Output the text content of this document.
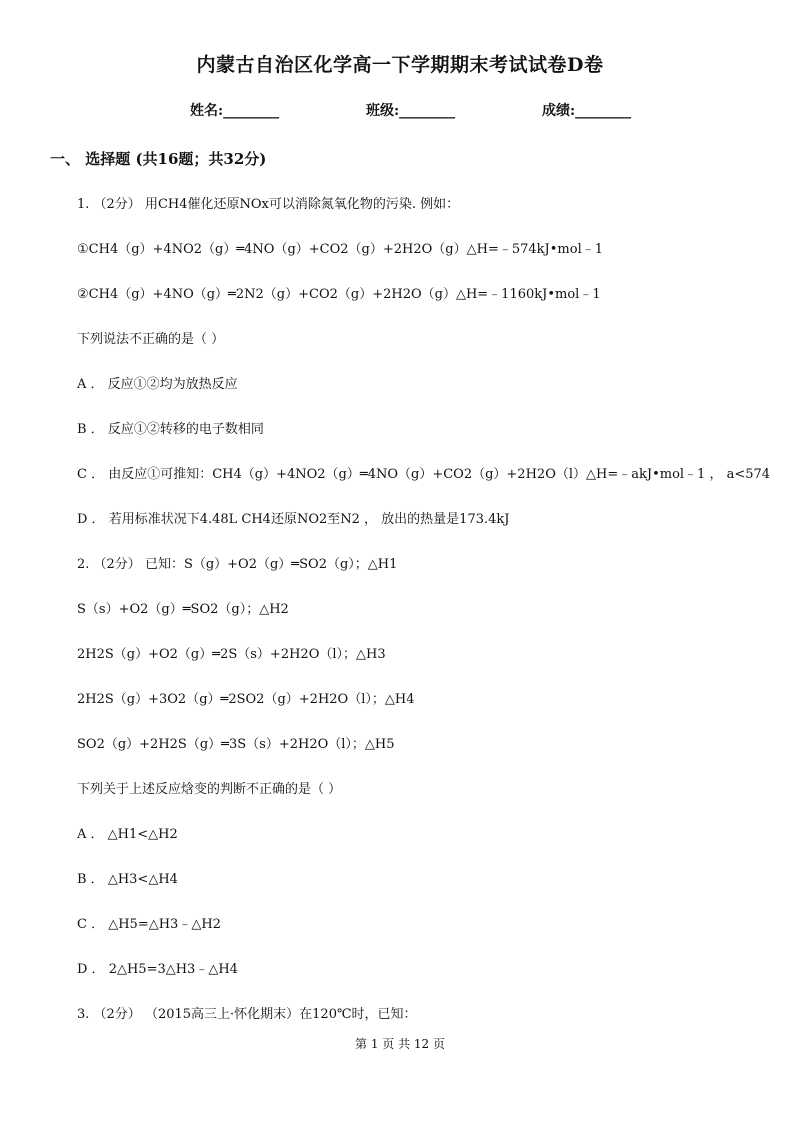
内蒙古自治区化学高一下学期期末考试试卷D卷
姓名:________	班级:________	成绩:________
一、 选择题 (共16题；共32分)
1. （2分） 用CH4催化还原NOx可以消除氮氧化物的污染. 例如：
①CH4（g）+4NO2（g）═4NO（g）+CO2（g）+2H2O（g）△H=﹣574kJ•mol﹣1
②CH4（g）+4NO（g）═2N2（g）+CO2（g）+2H2O（g）△H=﹣1160kJ•mol﹣1
下列说法不正确的是（ ）
A ． 反应①②均为放热反应
B ． 反应①②转移的电子数相同
C ． 由反应①可推知：CH4（g）+4NO2（g）═4NO（g）+CO2（g）+2H2O（l）△H=﹣akJ•mol﹣1 ， a<574
D ． 若用标准状况下4.48L CH4还原NO2至N2 ， 放出的热量是173.4kJ
2. （2分） 已知：S（g）+O2（g）═SO2（g）；△H1
S（s）+O2（g）═SO2（g）；△H2
2H2S（g）+O2（g）═2S（s）+2H2O（l）；△H3
2H2S（g）+3O2（g）═2SO2（g）+2H2O（l）；△H4
SO2（g）+2H2S（g）═3S（s）+2H2O（l）；△H5
下列关于上述反应焓变的判断不正确的是（ ）
A ． △H1<△H2
B ． △H3<△H4
C ． △H5=△H3﹣△H2
D ． 2△H5=3△H3﹣△H4
3. （2分） （2015高三上·怀化期末）在120℃时，已知：
第 1 页 共 12 页
